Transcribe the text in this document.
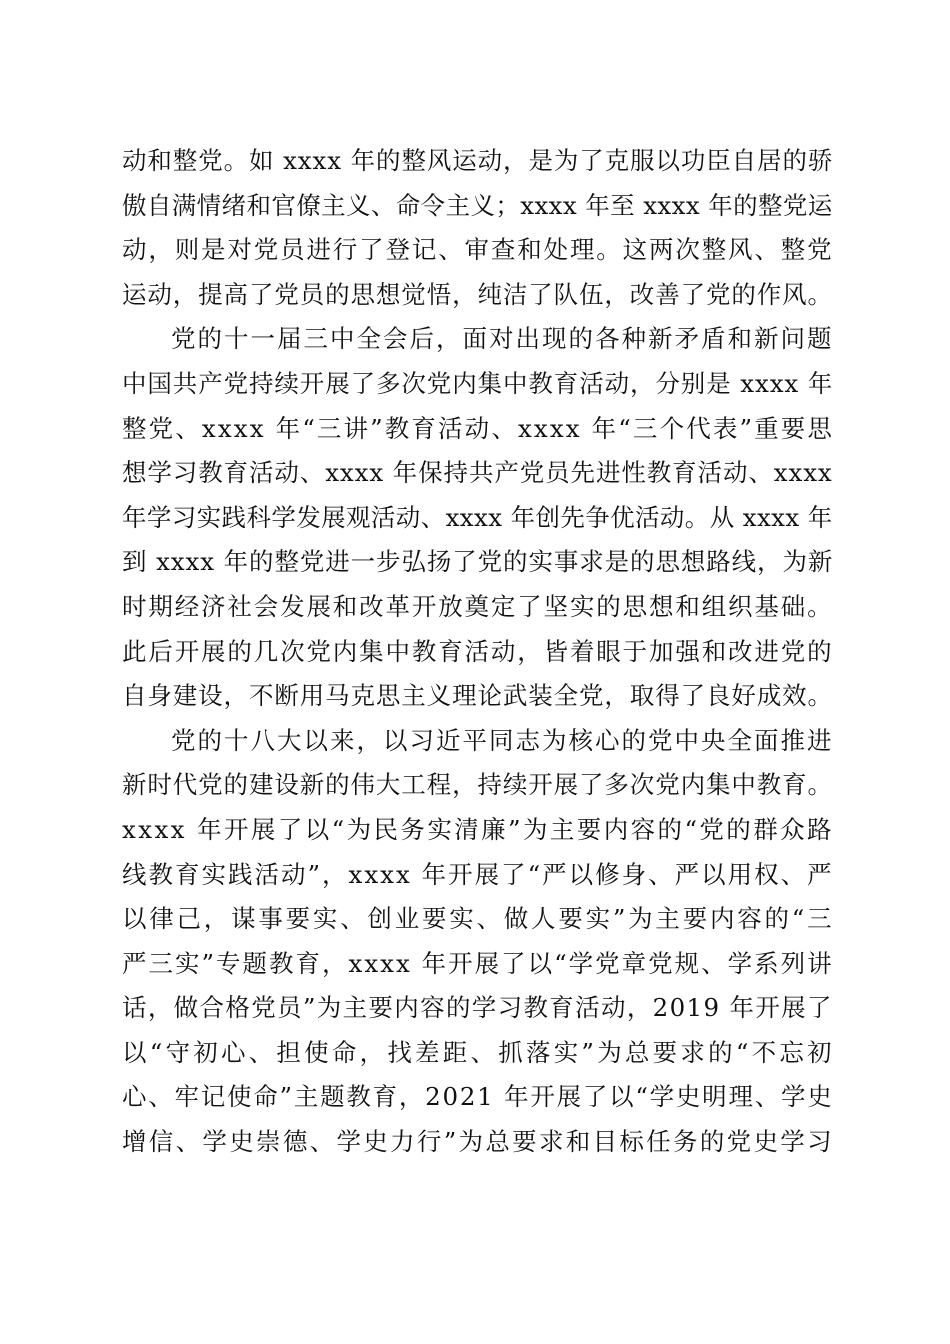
动和整党。如 xxxx 年的整风运动，是为了克服以功臣自居的骄
傲自满情绪和官僚主义、命令主义；xxxx 年至 xxxx 年的整党运
动，则是对党员进行了登记、审查和处理。这两次整风、整党
运动，提高了党员的思想觉悟，纯洁了队伍，改善了党的作风。
党的十一届三中全会后，面对出现的各种新矛盾和新问题
中国共产党持续开展了多次党内集中教育活动，分别是 xxxx 年
整党、xxxx 年“三讲”教育活动、xxxx 年“三个代表”重要思
想学习教育活动、xxxx 年保持共产党员先进性教育活动、xxxx
年学习实践科学发展观活动、xxxx 年创先争优活动。从 xxxx 年
到 xxxx 年的整党进一步弘扬了党的实事求是的思想路线，为新
时期经济社会发展和改革开放奠定了坚实的思想和组织基础。
此后开展的几次党内集中教育活动，皆着眼于加强和改进党的
自身建设，不断用马克思主义理论武装全党，取得了良好成效。
党的十八大以来，以习近平同志为核心的党中央全面推进
新时代党的建设新的伟大工程，持续开展了多次党内集中教育。
xxxx 年开展了以“为民务实清廉”为主要内容的“党的群众路
线教育实践活动”，xxxx 年开展了“严以修身、严以用权、严
以律己，谋事要实、创业要实、做人要实”为主要内容的“三
严三实”专题教育，xxxx 年开展了以“学党章党规、学系列讲
话，做合格党员”为主要内容的学习教育活动，2019 年开展了
以“守初心、担使命，找差距、抓落实”为总要求的“不忘初
心、牢记使命”主题教育，2021 年开展了以“学史明理、学史
增信、学史崇德、学史力行”为总要求和目标任务的党史学习
